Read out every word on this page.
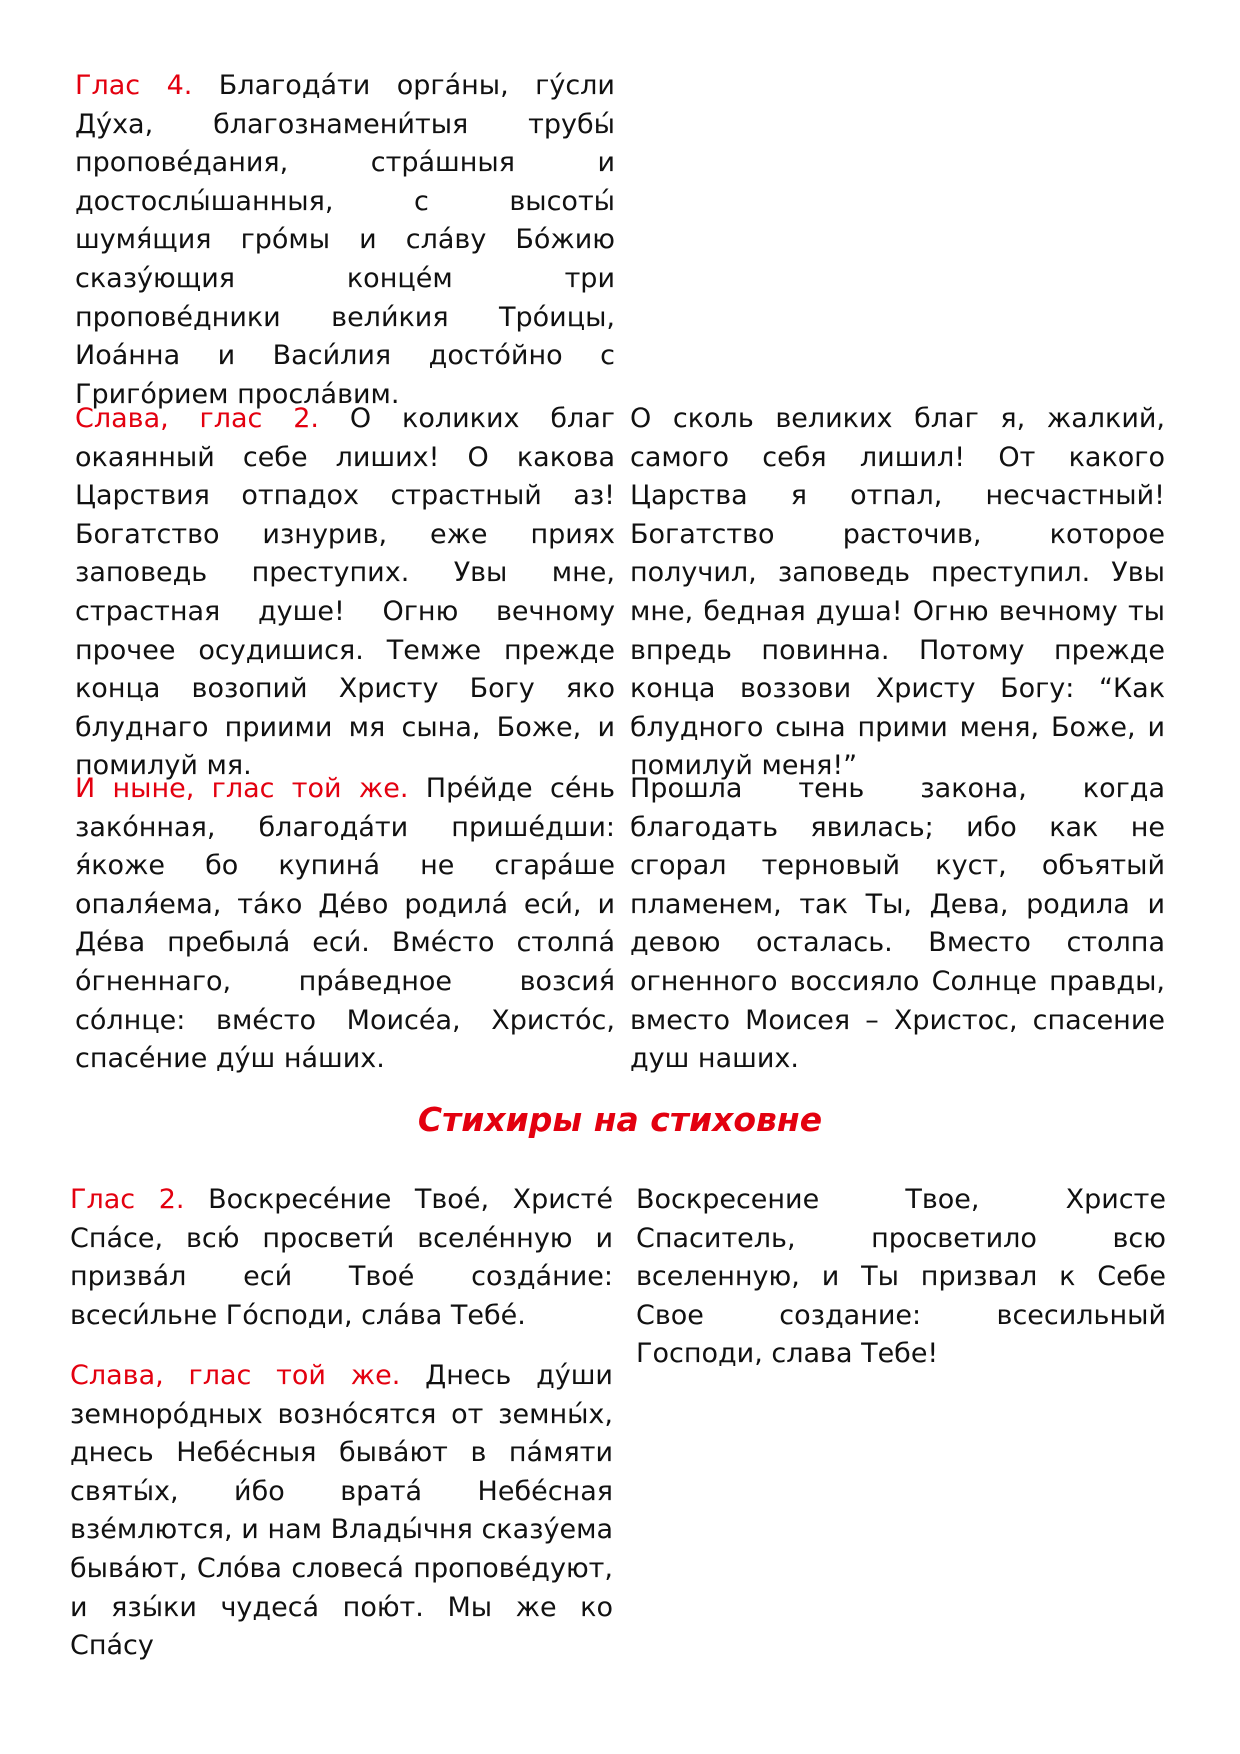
Глас 4. Благода́ти орга́ны, гу́сли Ду́ха, благознамени́тыя трубы́ пропове́дания, стра́шныя и достослы́шанныя, с высоты́ шумя́щия гро́мы и сла́ву Бо́жию сказу́ющия конце́м три пропове́дники вели́кия Тро́ицы, Иоа́нна и Васи́лия досто́йно с Григо́рием просла́вим.

Слава, глас 2. О коликих благ окаянный себе лиших! О какова Царствия отпадох страстный аз! Богатство изнурив, еже приях заповедь преступих. Увы мне, страстная душе! Огню вечному прочее осудишися. Темже прежде конца возопий Христу Богу яко блуднаго приими мя сына, Боже, и помилуй мя.

О сколь великих благ я, жалкий, самого себя лишил! От какого Царства я отпал, несчастный! Богатство расточив, которое получил, заповедь преступил. Увы мне, бедная душа! Огню вечному ты впредь повинна. Потому прежде конца воззови Христу Богу: “Как блудного сына прими меня, Боже, и помилуй меня!”

И ныне, глас той же. Пре́йде се́нь зако́нная, благода́ти прише́дши: я́коже бо купина́ не сгара́ше опаля́ема, та́ко Де́во родила́ еси́, и Де́ва пребыла́ еси́. Вме́сто столпа́ о́гненнаго, пра́ведное возсия́ со́лнце: вме́сто Моисе́а, Христо́с, спасе́ние ду́ш на́ших.

Прошла тень закона, когда благодать явилась; ибо как не сгорал терновый куст, объятый пламенем, так Ты, Дева, родила и девою осталась. Вместо столпа огненного воссияло Солнце правды, вместо Моисея – Христос, спасение душ наших.

Стихиры на стиховне

Глас 2. Воскресе́ние Твое́, Христе́ Спа́се, всю́ просвети́ вселе́нную и призва́л еси́ Твое́ созда́ние: всеси́льне Го́споди, сла́ва Тебе́.

Воскресение Твое, Христе Спаситель, просветило всю вселенную, и Ты призвал к Себе Свое создание: всесильный Господи, слава Тебе!

Слава, глас той же. Днесь ду́ши земноро́дных возно́сятся от земны́х, днесь Небе́сныя быва́ют в па́мяти святы́х, и́бо врата́ Небе́сная взе́млются, и нам Влады́чня сказу́ема быва́ют, Сло́ва словеса́ пропове́дуют, и язы́ки чудеса́ пою́т. Мы же ко Спа́су
